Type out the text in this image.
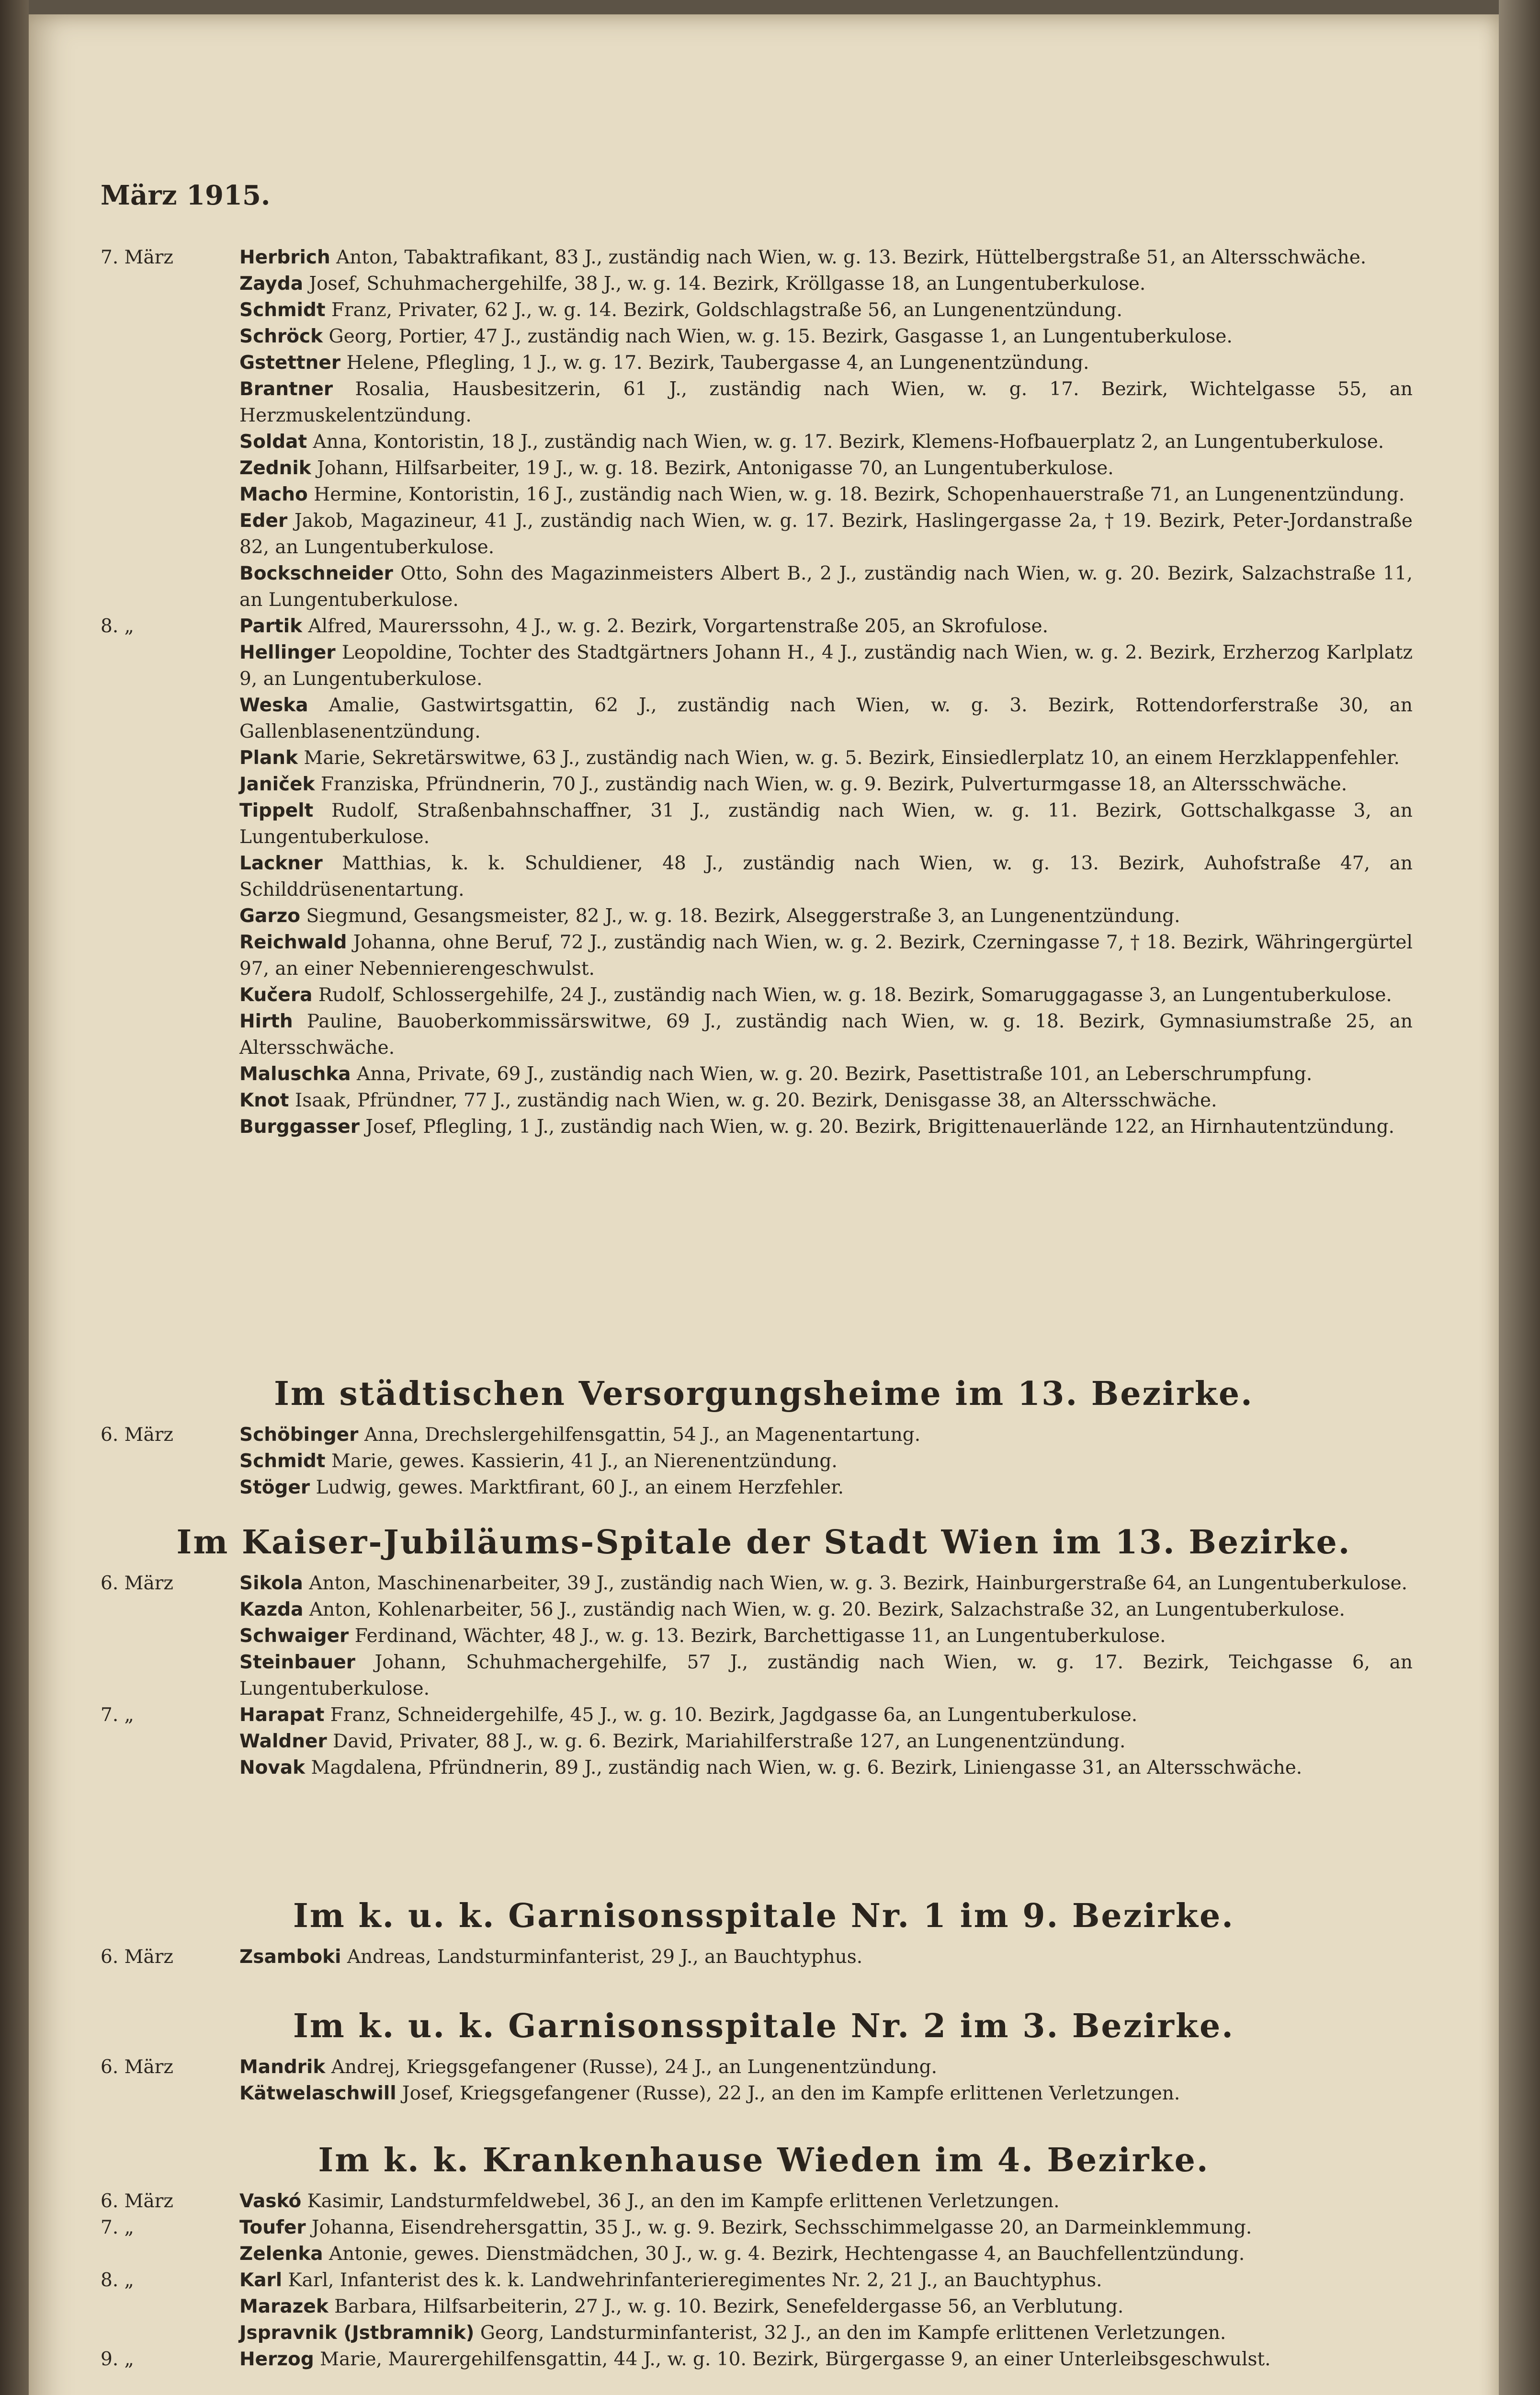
März 1915.
7. März	Herbrich Anton, Tabaktrafikant, 83 J., zuständig nach Wien, w. g. 13. Bezirk, Hüttelbergstraße 51, an Altersschwäche.
Zayda Josef, Schuhmachergehilfe, 38 J., w. g. 14. Bezirk, Kröllgasse 18, an Lungentuberkulose.
Schmidt Franz, Privater, 62 J., w. g. 14. Bezirk, Goldschlagstraße 56, an Lungenentzündung.
Schröck Georg, Portier, 47 J., zuständig nach Wien, w. g. 15. Bezirk, Gasgasse 1, an Lungentuberkulose.
Gstettner Helene, Pflegling, 1 J., w. g. 17. Bezirk, Taubergasse 4, an Lungenentzündung.
Brantner Rosalia, Hausbesitzerin, 61 J., zuständig nach Wien, w. g. 17. Bezirk, Wichtelgasse 55, an Herzmuskelentzündung.
Soldat Anna, Kontoristin, 18 J., zuständig nach Wien, w. g. 17. Bezirk, Klemens-Hofbauerplatz 2, an Lungentuberkulose.
Zednik Johann, Hilfsarbeiter, 19 J., w. g. 18. Bezirk, Antonigasse 70, an Lungentuberkulose.
Macho Hermine, Kontoristin, 16 J., zuständig nach Wien, w. g. 18. Bezirk, Schopenhauerstraße 71, an Lungenentzündung.
Eder Jakob, Magazineur, 41 J., zuständig nach Wien, w. g. 17. Bezirk, Haslingergasse 2a, † 19. Bezirk, Peter-Jordanstraße 82, an Lungentuberkulose.
Bockschneider Otto, Sohn des Magazinmeisters Albert B., 2 J., zuständig nach Wien, w. g. 20. Bezirk, Salzachstraße 11, an Lungentuberkulose.
8. „	Partik Alfred, Maurerssohn, 4 J., w. g. 2. Bezirk, Vorgartenstraße 205, an Skrofulose.
Hellinger Leopoldine, Tochter des Stadtgärtners Johann H., 4 J., zuständig nach Wien, w. g. 2. Bezirk, Erzherzog Karlplatz 9, an Lungentuberkulose.
Weska Amalie, Gastwirtsgattin, 62 J., zuständig nach Wien, w. g. 3. Bezirk, Rottendorferstraße 30, an Gallenblasenentzündung.
Plank Marie, Sekretärswitwe, 63 J., zuständig nach Wien, w. g. 5. Bezirk, Einsiedlerplatz 10, an einem Herzklappenfehler.
Janiček Franziska, Pfründnerin, 70 J., zuständig nach Wien, w. g. 9. Bezirk, Pulverturmgasse 18, an Altersschwäche.
Tippelt Rudolf, Straßenbahnschaffner, 31 J., zuständig nach Wien, w. g. 11. Bezirk, Gottschalkgasse 3, an Lungentuberkulose.
Lackner Matthias, k. k. Schuldiener, 48 J., zuständig nach Wien, w. g. 13. Bezirk, Auhofstraße 47, an Schilddrüsenentartung.
Garzo Siegmund, Gesangsmeister, 82 J., w. g. 18. Bezirk, Alseggerstraße 3, an Lungenentzündung.
Reichwald Johanna, ohne Beruf, 72 J., zuständig nach Wien, w. g. 2. Bezirk, Czerningasse 7, † 18. Bezirk, Währingergürtel 97, an einer Nebennierengeschwulst.
Kučera Rudolf, Schlossergehilfe, 24 J., zuständig nach Wien, w. g. 18. Bezirk, Somaruggagasse 3, an Lungentuberkulose.
Hirth Pauline, Bauoberkommissärswitwe, 69 J., zuständig nach Wien, w. g. 18. Bezirk, Gymnasiumstraße 25, an Altersschwäche.
Maluschka Anna, Private, 69 J., zuständig nach Wien, w. g. 20. Bezirk, Pasettistraße 101, an Leberschrumpfung.
Knot Isaak, Pfründner, 77 J., zuständig nach Wien, w. g. 20. Bezirk, Denisgasse 38, an Altersschwäche.
Burggasser Josef, Pflegling, 1 J., zuständig nach Wien, w. g. 20. Bezirk, Brigittenauerlände 122, an Hirnhautentzündung.
Im städtischen Versorgungsheime im 13. Bezirke.
6. März	Schöbinger Anna, Drechslergehilfensgattin, 54 J., an Magenentartung.
Schmidt Marie, gewes. Kassierin, 41 J., an Nierenentzündung.
Stöger Ludwig, gewes. Marktfirant, 60 J., an einem Herzfehler.
Im Kaiser-Jubiläums-Spitale der Stadt Wien im 13. Bezirke.
6. März	Sikola Anton, Maschinenarbeiter, 39 J., zuständig nach Wien, w. g. 3. Bezirk, Hainburgerstraße 64, an Lungentuberkulose.
Kazda Anton, Kohlenarbeiter, 56 J., zuständig nach Wien, w. g. 20. Bezirk, Salzachstraße 32, an Lungentuberkulose.
Schwaiger Ferdinand, Wächter, 48 J., w. g. 13. Bezirk, Barchettigasse 11, an Lungentuberkulose.
Steinbauer Johann, Schuhmachergehilfe, 57 J., zuständig nach Wien, w. g. 17. Bezirk, Teichgasse 6, an Lungentuberkulose.
7. „	Harapat Franz, Schneidergehilfe, 45 J., w. g. 10. Bezirk, Jagdgasse 6a, an Lungentuberkulose.
Waldner David, Privater, 88 J., w. g. 6. Bezirk, Mariahilferstraße 127, an Lungenentzündung.
Novak Magdalena, Pfründnerin, 89 J., zuständig nach Wien, w. g. 6. Bezirk, Liniengasse 31, an Altersschwäche.
Im k. u. k. Garnisonsspitale Nr. 1 im 9. Bezirke.
6. März	Zsamboki Andreas, Landsturminfanterist, 29 J., an Bauchtyphus.
Im k. u. k. Garnisonsspitale Nr. 2 im 3. Bezirke.
6. März	Mandrik Andrej, Kriegsgefangener (Russe), 24 J., an Lungenentzündung.
Kätwelaschwill Josef, Kriegsgefangener (Russe), 22 J., an den im Kampfe erlittenen Verletzungen.
Im k. k. Krankenhause Wieden im 4. Bezirke.
6. März	Vaskó Kasimir, Landsturmfeldwebel, 36 J., an den im Kampfe erlittenen Verletzungen.
7. „	Toufer Johanna, Eisendrehersgattin, 35 J., w. g. 9. Bezirk, Sechsschimmelgasse 20, an Darmeinklemmung.
Zelenka Antonie, gewes. Dienstmädchen, 30 J., w. g. 4. Bezirk, Hechtengasse 4, an Bauchfellentzündung.
8. „	Karl Karl, Infanterist des k. k. Landwehrinfanterieregimentes Nr. 2, 21 J., an Bauchtyphus.
Marazek Barbara, Hilfsarbeiterin, 27 J., w. g. 10. Bezirk, Senefeldergasse 56, an Verblutung.
Jspravnik (Jstbramnik) Georg, Landsturminfanterist, 32 J., an den im Kampfe erlittenen Verletzungen.
9. „	Herzog Marie, Maurergehilfensgattin, 44 J., w. g. 10. Bezirk, Bürgergasse 9, an einer Unterleibsgeschwulst.
